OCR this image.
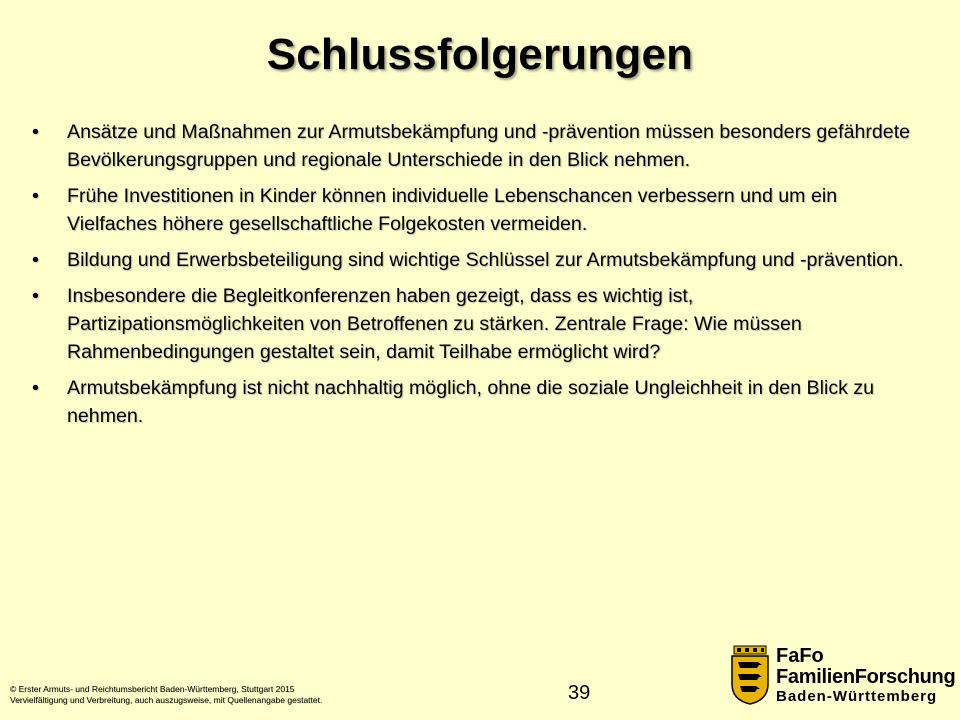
Schlussfolgerungen
• Ansätze und Maßnahmen zur Armutsbekämpfung und -prävention müssen besonders gefährdete Bevölkerungsgruppen und regionale Unterschiede in den Blick nehmen.
• Frühe Investitionen in Kinder können individuelle Lebenschancen verbessern und um ein Vielfaches höhere gesellschaftliche Folgekosten vermeiden.
• Bildung und Erwerbsbeteiligung sind wichtige Schlüssel zur Armutsbekämpfung und -prävention.
• Insbesondere die Begleitkonferenzen haben gezeigt, dass es wichtig ist, Partizipationsmöglichkeiten von Betroffenen zu stärken. Zentrale Frage: Wie müssen Rahmenbedingungen gestaltet sein, damit Teilhabe ermöglicht wird?
• Armutsbekämpfung ist nicht nachhaltig möglich, ohne die soziale Ungleichheit in den Blick zu nehmen.
© Erster Armuts- und Reichtumsbericht Baden-Württemberg, Stuttgart 2015
Vervielfältigung und Verbreitung, auch auszugsweise, mit Quellenangabe gestattet.	39
FaFo
FamilienForschung
Baden-Württemberg
